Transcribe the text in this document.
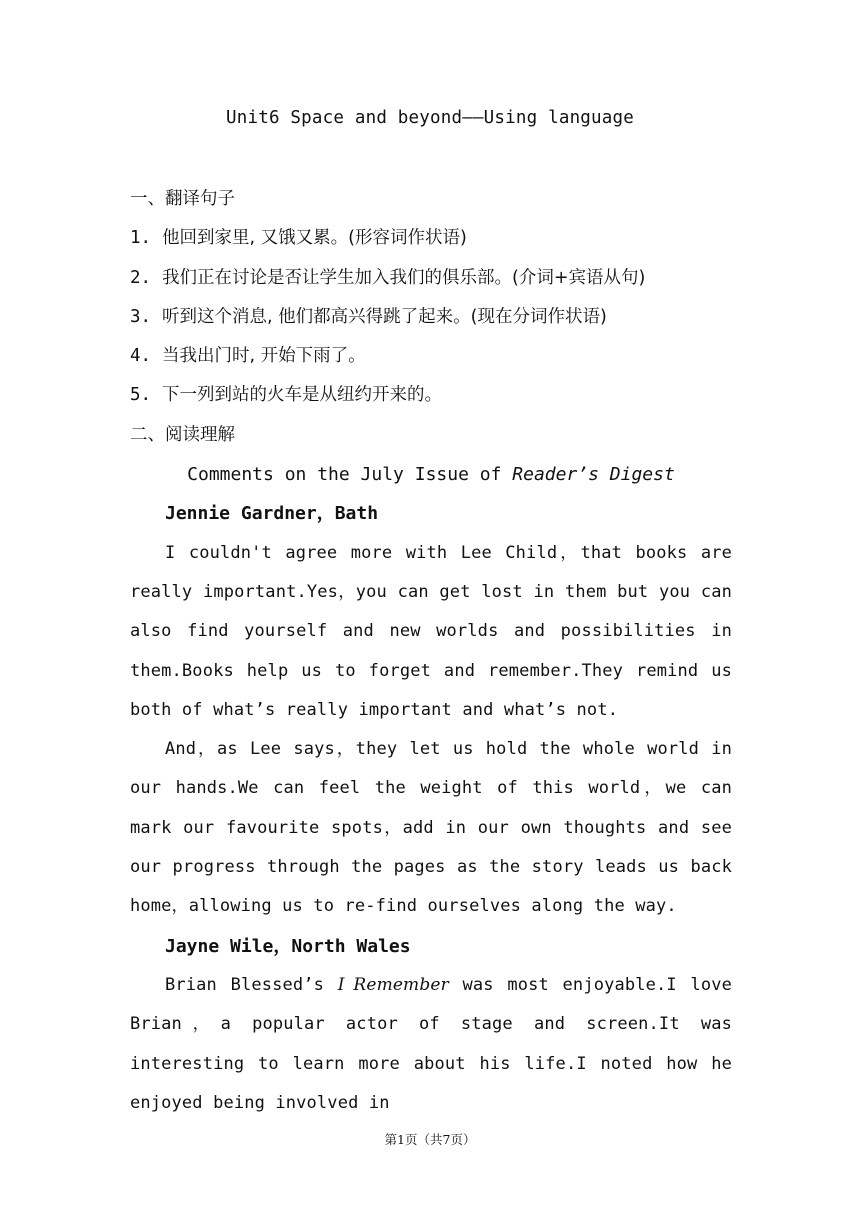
Unit6 Space and beyond——Using language
一、翻译句子
1. 他回到家里, 又饿又累。(形容词作状语)
2. 我们正在讨论是否让学生加入我们的俱乐部。(介词+宾语从句)
3. 听到这个消息, 他们都高兴得跳了起来。(现在分词作状语)
4. 当我出门时, 开始下雨了。
5. 下一列到站的火车是从纽约开来的。
二、阅读理解
Comments on the July Issue of Reader’s Digest
Jennie Gardner，Bath

I couldn't agree more with Lee Child，that books are really important.Yes，you can get lost in them but you can also find yourself and new worlds and possibilities in them.Books help us to forget and remember.They remind us both of what’s really important and what’s not.

And，as Lee says，they let us hold the whole world in our hands.We can feel the weight of this world，we can mark our favourite spots，add in our own thoughts and see our progress through the pages as the story leads us back home，allowing us to re-find ourselves along the way.

Jayne Wile，North Wales

Brian Blessed’s I Remember was most enjoyable.I love Brian，a popular actor of stage and screen.It was interesting to learn more about his life.I noted how he enjoyed being involved in

第1页（共7页）
